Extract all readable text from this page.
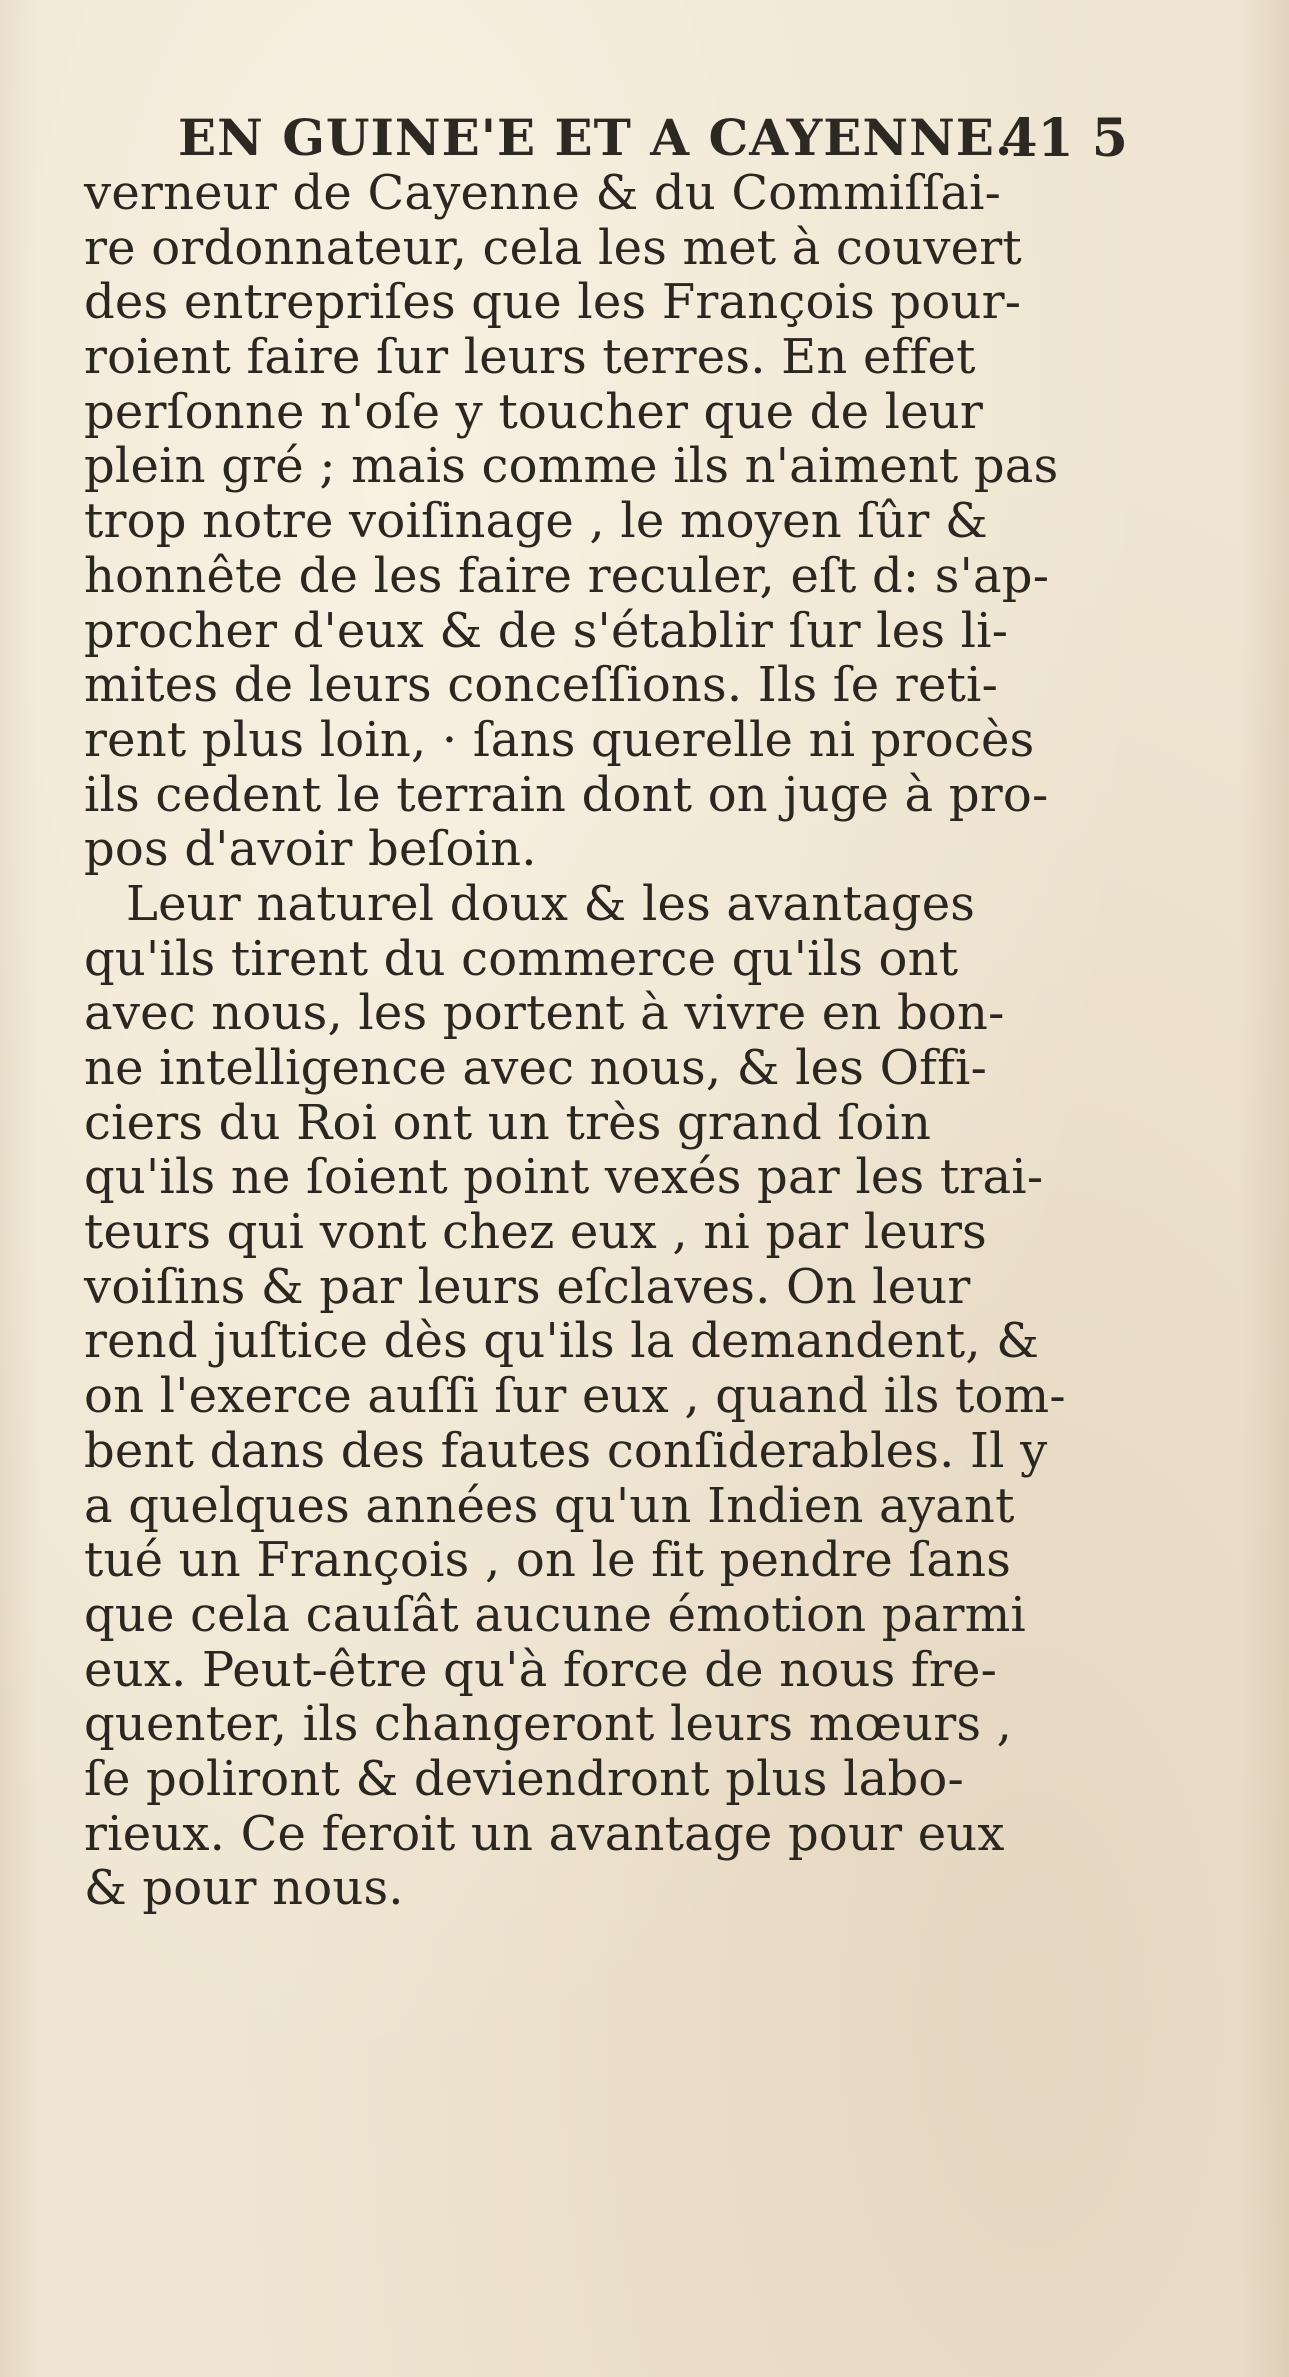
EN GUINE'E ET A CAYENNE.
41 5
verneur de Cayenne & du Commiſſai-
re ordonnateur, cela les met à couvert
des entrepriſes que les François pour-
roient faire ſur leurs terres. En effet
perſonne n'oſe y toucher que de leur
plein gré ; mais comme ils n'aiment pas
trop notre voiſinage , le moyen ſûr &
honnête de les faire reculer, eſt d: s'ap-
procher d'eux & de s'établir ſur les li-
mites de leurs conceſſions. Ils ſe reti-
rent plus loin, · ſans querelle ni procès
ils cedent le terrain dont on juge à pro-
pos d'avoir beſoin.
Leur naturel doux & les avantages
qu'ils tirent du commerce qu'ils ont
avec nous, les portent à vivre en bon-
ne intelligence avec nous, & les Offi-
ciers du Roi ont un très grand ſoin
qu'ils ne ſoient point vexés par les trai-
teurs qui vont chez eux , ni par leurs
voiſins & par leurs eſclaves. On leur
rend juſtice dès qu'ils la demandent, &
on l'exerce auſſi ſur eux , quand ils tom-
bent dans des fautes conſiderables. Il y
a quelques années qu'un Indien ayant
tué un François , on le fit pendre ſans
que cela cauſât aucune émotion parmi
eux. Peut-être qu'à force de nous fre-
quenter, ils changeront leurs mœurs ,
ſe poliront & deviendront plus labo-
rieux. Ce feroit un avantage pour eux
& pour nous.
